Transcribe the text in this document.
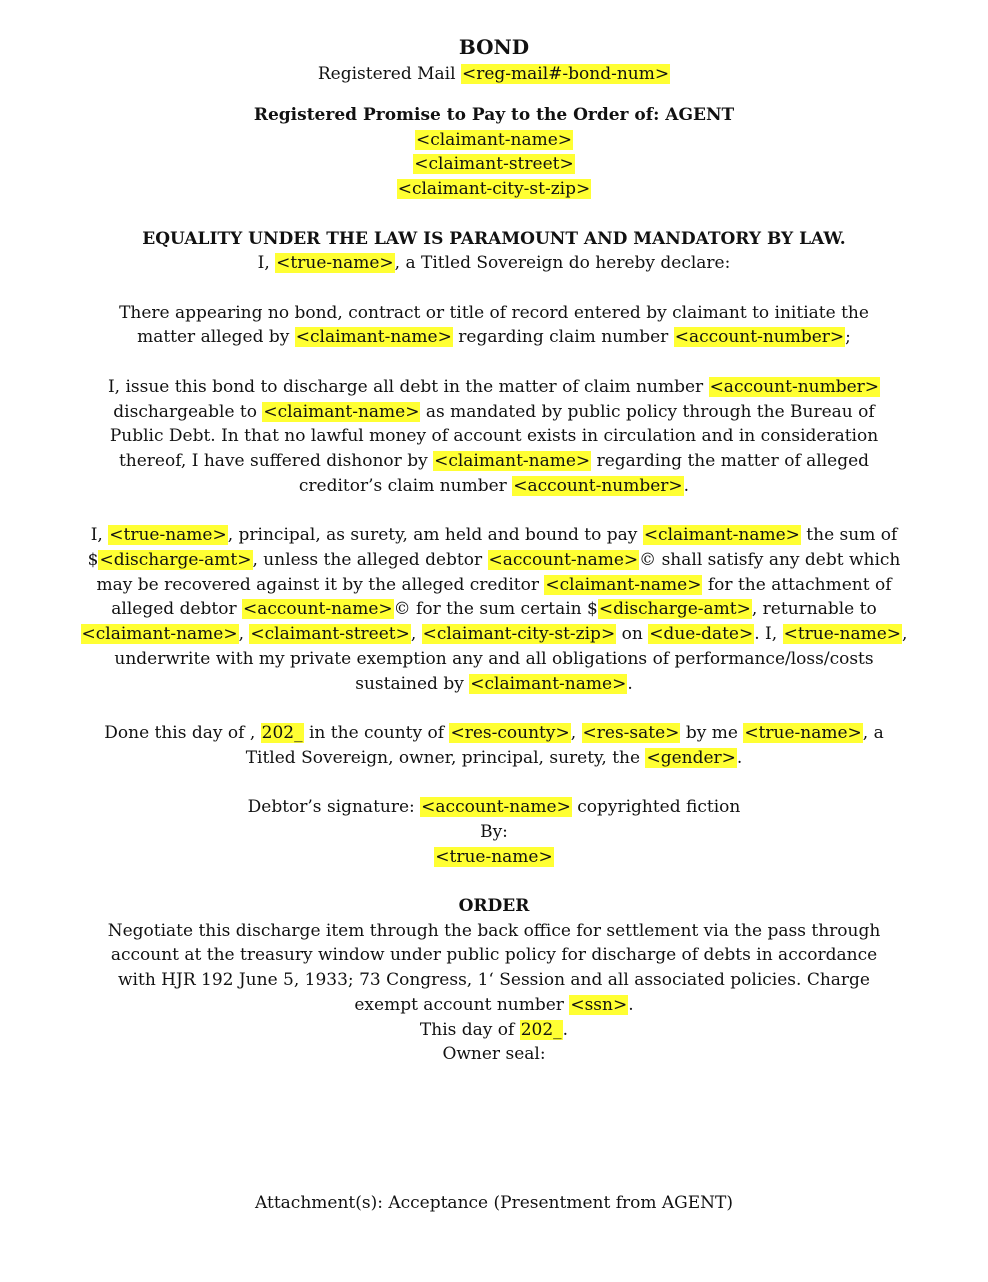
BOND
Registered Mail <reg-mail#-bond-num>
Registered Promise to Pay to the Order of: AGENT
<claimant-name>
<claimant-street>
<claimant-city-st-zip>
EQUALITY UNDER THE LAW IS PARAMOUNT AND MANDATORY BY LAW.
I, <true-name>, a Titled Sovereign do hereby declare:
There appearing no bond, contract or title of record entered by claimant to initiate the
matter alleged by <claimant-name> regarding claim number <account-number>;
I, issue this bond to discharge all debt in the matter of claim number <account-number>
dischargeable to <claimant-name> as mandated by public policy through the Bureau of
Public Debt. In that no lawful money of account exists in circulation and in consideration
thereof, I have suffered dishonor by <claimant-name> regarding the matter of alleged
creditor’s claim number <account-number>.
I, <true-name>, principal, as surety, am held and bound to pay <claimant-name> the sum of
$<discharge-amt>, unless the alleged debtor <account-name>© shall satisfy any debt which
may be recovered against it by the alleged creditor <claimant-name> for the attachment of
alleged debtor <account-name>© for the sum certain $<discharge-amt>, returnable to
<claimant-name>, <claimant-street>, <claimant-city-st-zip> on <due-date>. I, <true-name>,
underwrite with my private exemption any and all obligations of performance/loss/costs
sustained by <claimant-name>.
Done this day of , 202_ in the county of <res-county>, <res-sate> by me <true-name>, a
Titled Sovereign, owner, principal, surety, the <gender>.
Debtor’s signature: <account-name> copyrighted fiction
By:
<true-name>
ORDER
Negotiate this discharge item through the back office for settlement via the pass through
account at the treasury window under public policy for discharge of debts in accordance
with HJR 192 June 5, 1933; 73 Congress, 1‘ Session and all associated policies. Charge
exempt account number <ssn>.
This day of 202_.
Owner seal:
Attachment(s): Acceptance (Presentment from AGENT)
